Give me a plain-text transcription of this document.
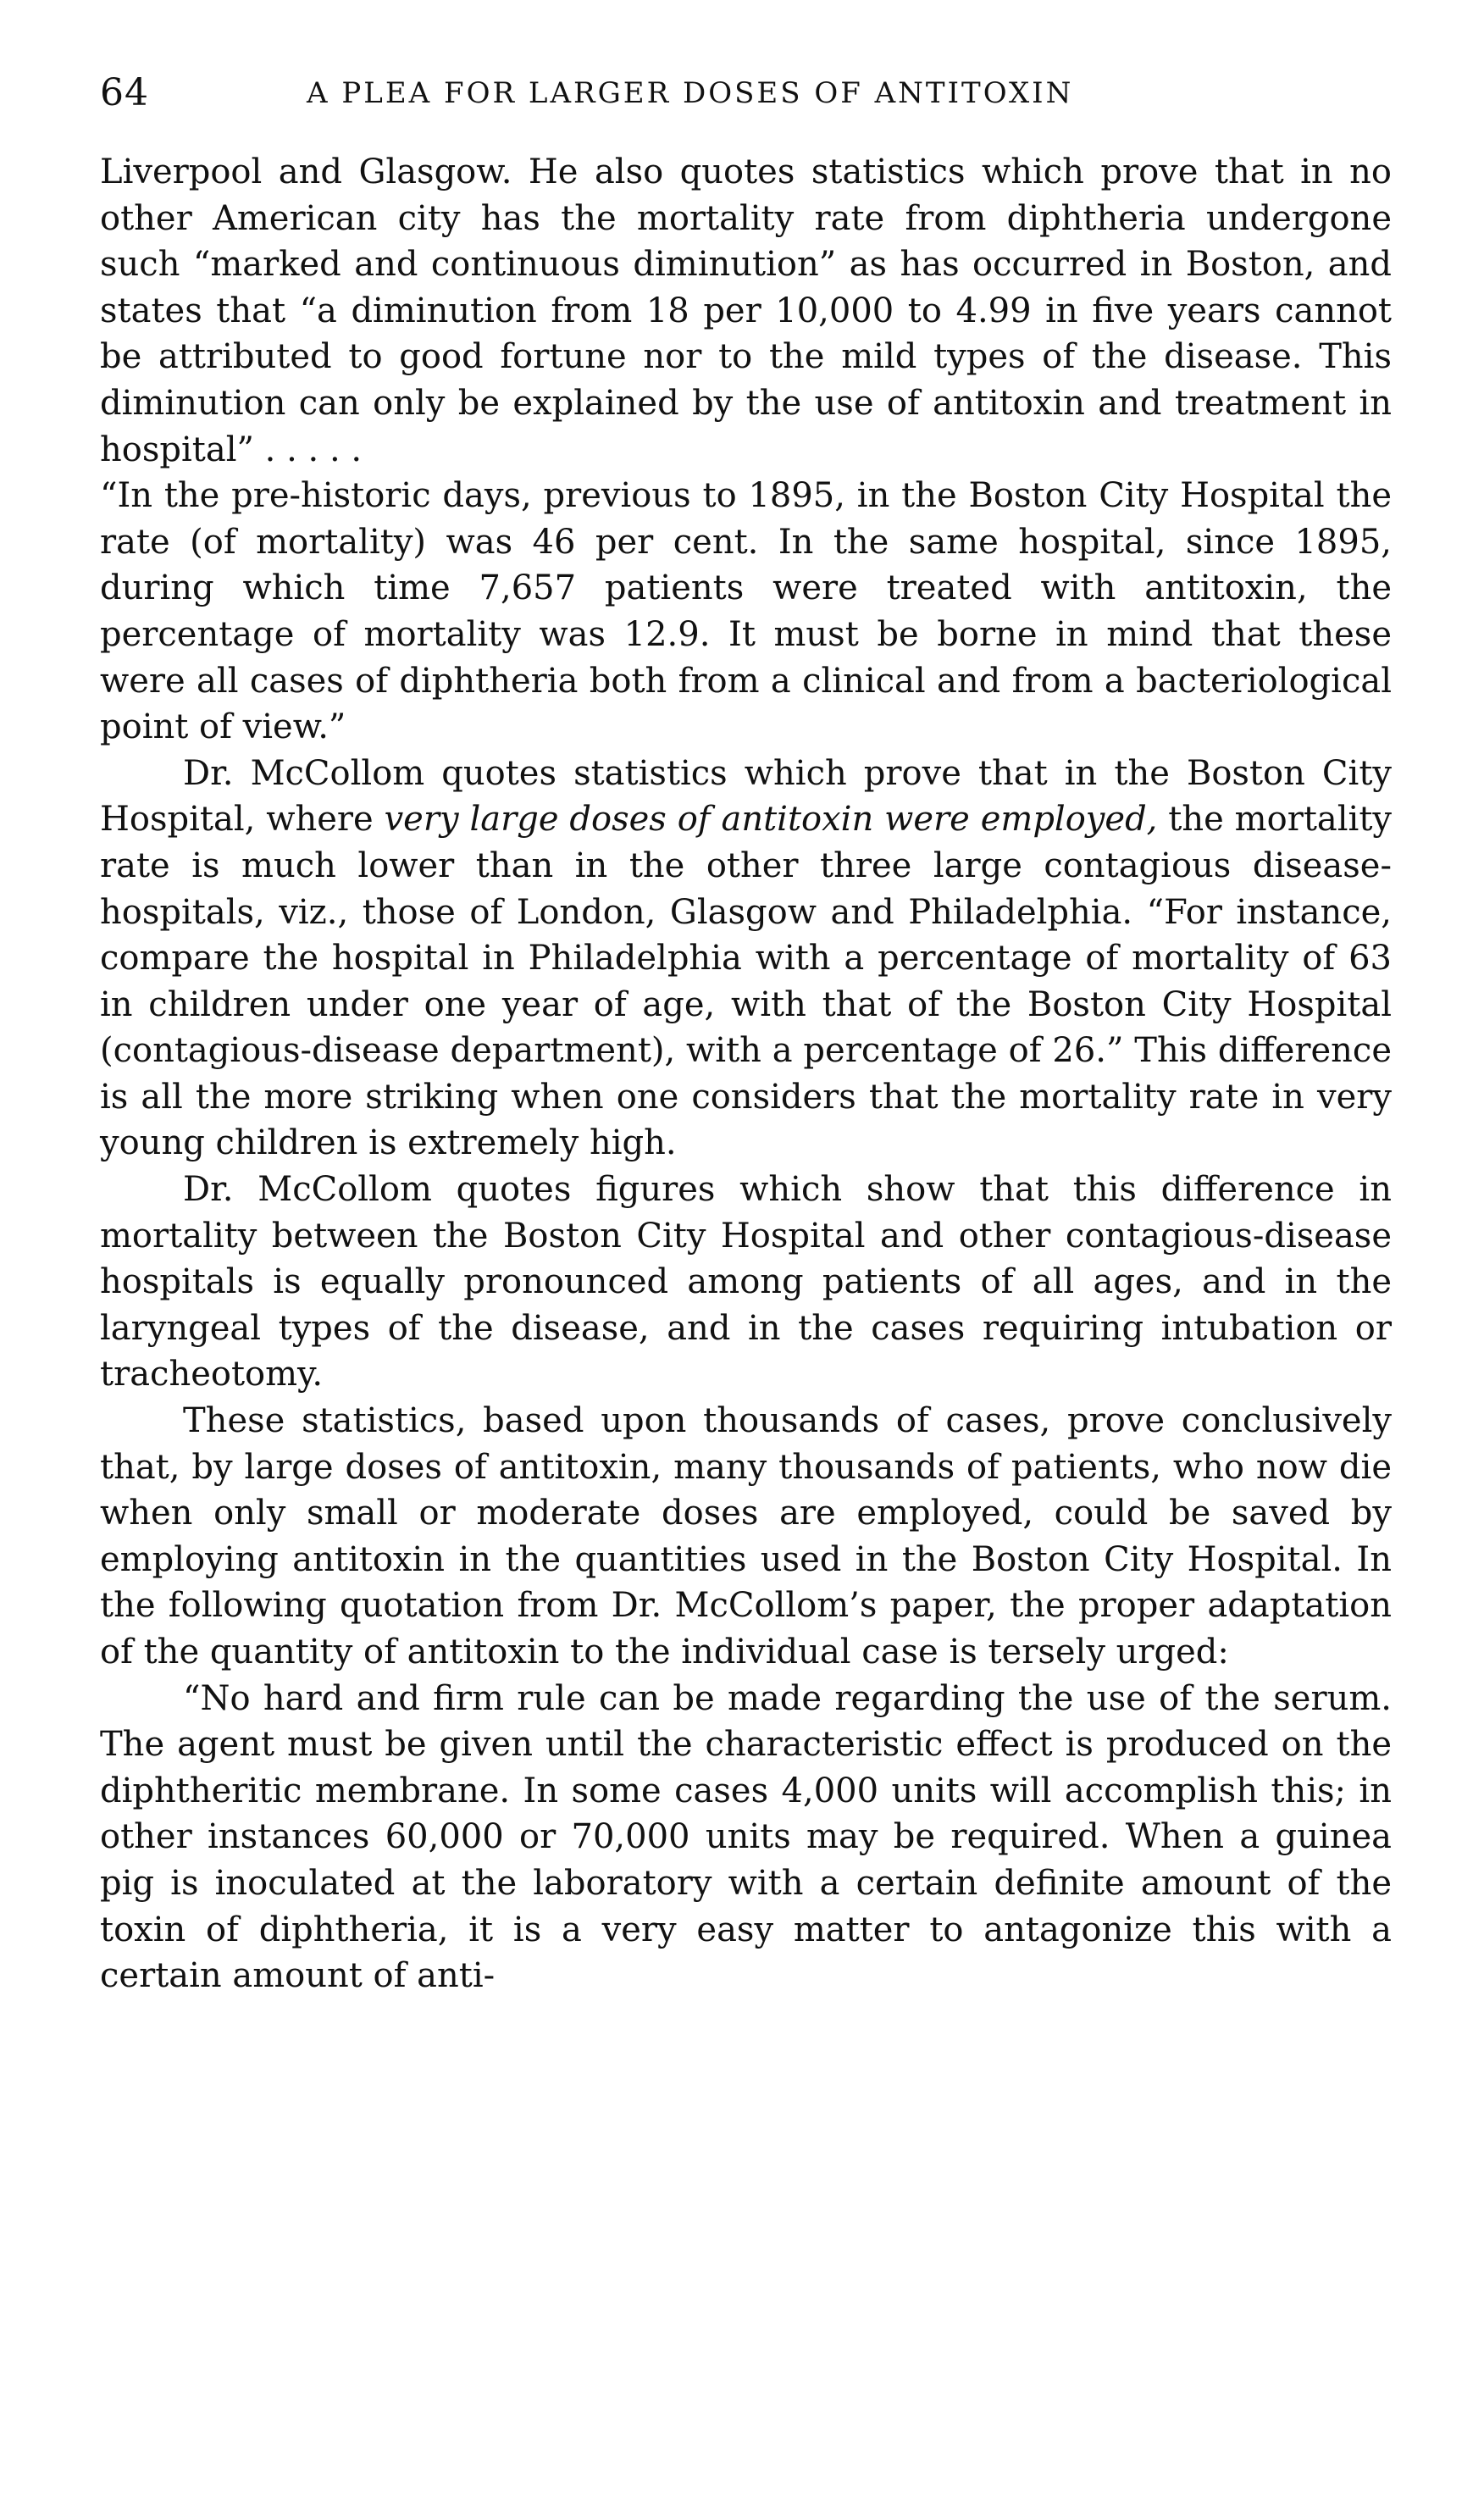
64	A PLEA FOR LARGER DOSES OF ANTITOXIN

Liverpool and Glasgow. He also quotes statistics which prove that in no other American city has the mortality rate from diphtheria undergone such “marked and continuous diminution” as has occurred in Boston, and states that “a diminution from 18 per 10,000 to 4.99 in five years cannot be attributed to good fortune nor to the mild types of the disease. This diminution can only be explained by the use of antitoxin and treatment in hospital” . . . . .

“In the pre-historic days, previous to 1895, in the Boston City Hospital the rate (of mortality) was 46 per cent. In the same hospital, since 1895, during which time 7,657 patients were treated with antitoxin, the percentage of mortality was 12.9. It must be borne in mind that these were all cases of diphtheria both from a clinical and from a bacteriological point of view.”

Dr. McCollom quotes statistics which prove that in the Boston City Hospital, where very large doses of antitoxin were employed, the mortality rate is much lower than in the other three large contagious disease-hospitals, viz., those of London, Glasgow and Philadelphia. “For instance, compare the hospital in Philadelphia with a percentage of mortality of 63 in children under one year of age, with that of the Boston City Hospital (contagious-disease department), with a percentage of 26.” This difference is all the more striking when one considers that the mortality rate in very young children is extremely high.

Dr. McCollom quotes figures which show that this difference in mortality between the Boston City Hospital and other contagious-disease hospitals is equally pronounced among patients of all ages, and in the laryngeal types of the disease, and in the cases requiring intubation or tracheotomy.

These statistics, based upon thousands of cases, prove conclusively that, by large doses of antitoxin, many thousands of patients, who now die when only small or moderate doses are employed, could be saved by employing antitoxin in the quantities used in the Boston City Hospital. In the following quotation from Dr. McCollom’s paper, the proper adaptation of the quantity of antitoxin to the individual case is tersely urged:

“No hard and firm rule can be made regarding the use of the serum. The agent must be given until the characteristic effect is produced on the diphtheritic membrane. In some cases 4,000 units will accomplish this; in other instances 60,000 or 70,000 units may be required. When a guinea pig is inoculated at the laboratory with a certain definite amount of the toxin of diphtheria, it is a very easy matter to antagonize this with a certain amount of anti-
